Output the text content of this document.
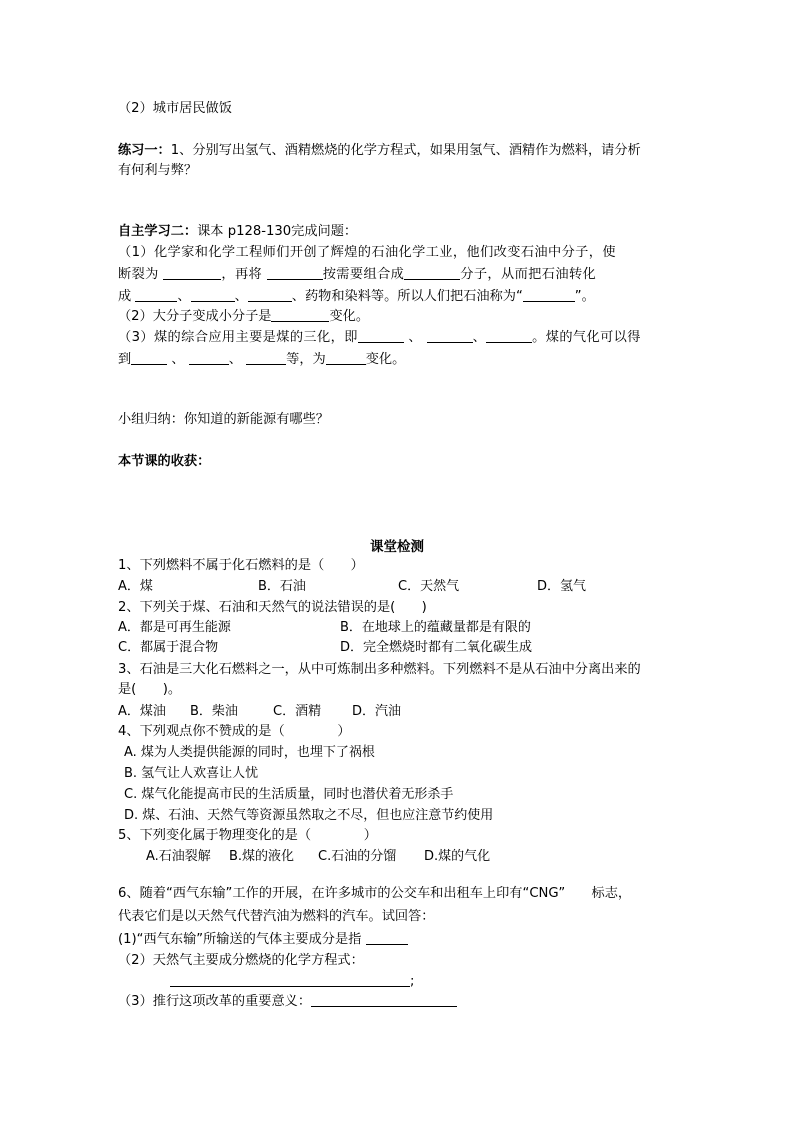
（2）城市居民做饭
练习一：1、分别写出氢气、酒精燃烧的化学方程式，如果用氢气、酒精作为燃料，请分析
有何利与弊？
自主学习二：课本 p128-130完成问题：
（1）化学家和化学工程师们开创了辉煌的石油化学工业，他们改变石油中分子，使
断裂为	，再将	按需要组合成	分子，从而把石油转化
成	、	、	、药物和染料等。所以人们把石油称为“	”。
（2）大分子变成小分子是	变化。
（3）煤的综合应用主要是煤的三化，即	、	、	。煤的气化可以得
到	、	、	等，为	变化。
小组归纳：你知道的新能源有哪些？
本节课的收获：
课堂检测
1、下列燃料不属于化石燃料的是（　　）
A．煤	B．石油	C．天然气	D．氢气
2、下列关于煤、石油和天然气的说法错误的是(　　)
A．都是可再生能源	B．在地球上的蕴藏量都是有限的
C．都属于混合物	D．完全燃烧时都有二氧化碳生成
3、石油是三大化石燃料之一，从中可炼制出多种燃料。下列燃料不是从石油中分离出来的
是(　　)。
A．煤油 B．柴油	C．酒精 D．汽油
4、下列观点你不赞成的是（　　　　）
A. 煤为人类提供能源的同时，也埋下了祸根
B. 氢气让人欢喜让人忧
C. 煤气化能提高市民的生活质量，同时也潜伏着无形杀手
D. 煤、石油、天然气等资源虽然取之不尽，但也应注意节约使用
5、下列变化属于物理变化的是（　　　　）
A.石油裂解 B.煤的液化 C.石油的分馏 D.煤的气化
6、随着“西气东输”工作的开展，在许多城市的公交车和出租车上印有“CNG”　　标志，
代表它们是以天然气代替汽油为燃料的汽车。试回答：
(1)“西气东输”所输送的气体主要成分是指
（2）天然气主要成分燃烧的化学方程式：
;
（3）推行这项改革的重要意义：
